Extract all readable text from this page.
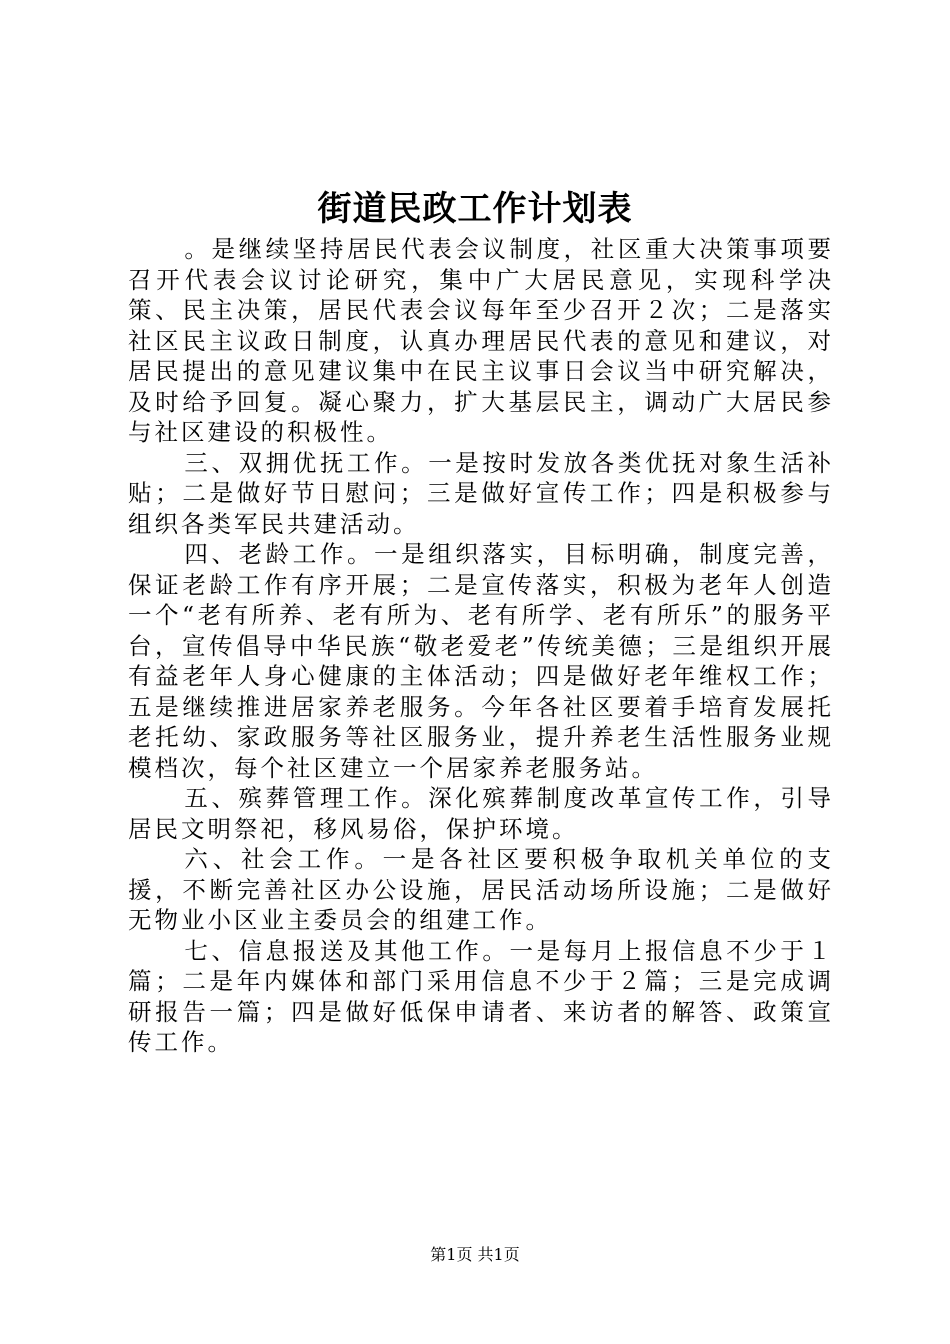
街道民政工作计划表

。是继续坚持居民代表会议制度，社区重大决策事项要召开代表会议讨论研究，集中广大居民意见，实现科学决策、民主决策，居民代表会议每年至少召开２次；二是落实社区民主议政日制度，认真办理居民代表的意见和建议，对居民提出的意见建议集中在民主议事日会议当中研究解决，及时给予回复。凝心聚力，扩大基层民主，调动广大居民参与社区建设的积极性。

三、双拥优抚工作。一是按时发放各类优抚对象生活补贴；二是做好节日慰问；三是做好宣传工作；四是积极参与组织各类军民共建活动。

四、老龄工作。一是组织落实，目标明确，制度完善，保证老龄工作有序开展；二是宣传落实，积极为老年人创造一个“老有所养、老有所为、老有所学、老有所乐”的服务平台，宣传倡导中华民族“敬老爱老”传统美德；三是组织开展有益老年人身心健康的主体活动；四是做好老年维权工作；五是继续推进居家养老服务。今年各社区要着手培育发展托老托幼、家政服务等社区服务业，提升养老生活性服务业规模档次，每个社区建立一个居家养老服务站。

五、殡葬管理工作。深化殡葬制度改革宣传工作，引导居民文明祭祀，移风易俗，保护环境。

六、社会工作。一是各社区要积极争取机关单位的支援，不断完善社区办公设施，居民活动场所设施；二是做好无物业小区业主委员会的组建工作。

七、信息报送及其他工作。一是每月上报信息不少于１篇；二是年内媒体和部门采用信息不少于２篇；三是完成调研报告一篇；四是做好低保申请者、来访者的解答、政策宣传工作。

第1页 共1页
